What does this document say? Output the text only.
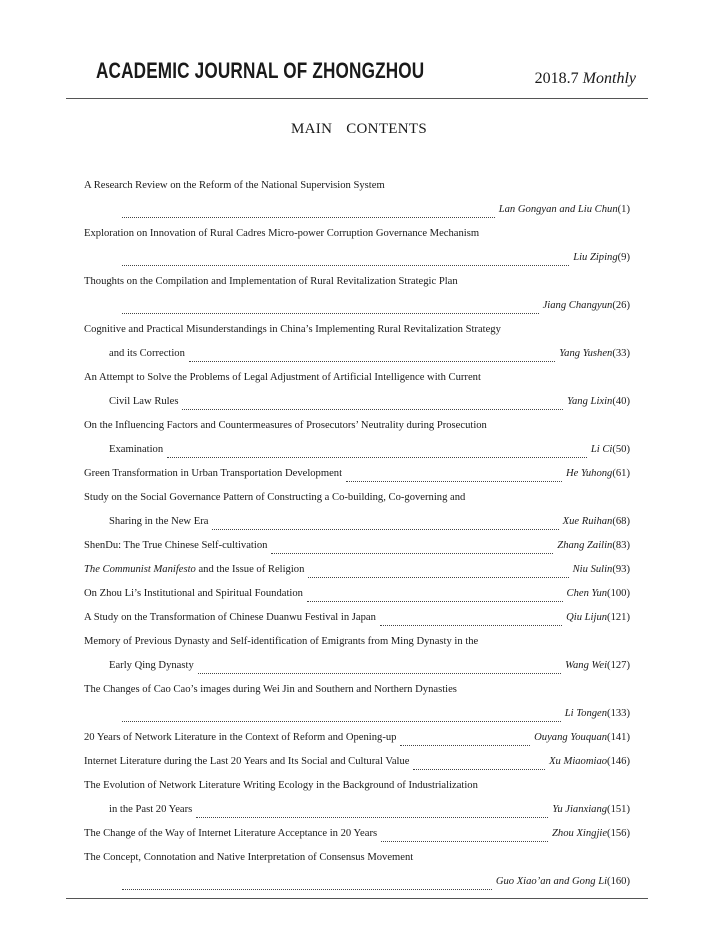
ACADEMIC JOURNAL OF ZHONGZHOU	2018.7 Monthly
MAIN CONTENTS
A Research Review on the Reform of the National Supervision System
Lan Gongyan and Liu Chun (1)
Exploration on Innovation of Rural Cadres Micro-power Corruption Governance Mechanism
Liu Ziping (9)
Thoughts on the Compilation and Implementation of Rural Revitalization Strategic Plan
Jiang Changyun (26)
Cognitive and Practical Misunderstandings in China’s Implementing Rural Revitalization Strategy
and its Correction	Yang Yushen (33)
An Attempt to Solve the Problems of Legal Adjustment of Artificial Intelligence with Current
Civil Law Rules	Yang Lixin (40)
On the Influencing Factors and Countermeasures of Prosecutors’ Neutrality during Prosecution
Examination	Li Ci (50)
Green Transformation in Urban Transportation Development	He Yuhong (61)
Study on the Social Governance Pattern of Constructing a Co-building, Co-governing and
Sharing in the New Era	Xue Ruihan (68)
ShenDu: The True Chinese Self-cultivation	Zhang Zailin (83)
The Communist Manifesto and the Issue of Religion	Niu Sulin (93)
On Zhou Li’s Institutional and Spiritual Foundation	Chen Yun (100)
A Study on the Transformation of Chinese Duanwu Festival in Japan	Qiu Lijun (121)
Memory of Previous Dynasty and Self-identification of Emigrants from Ming Dynasty in the
Early Qing Dynasty	Wang Wei (127)
The Changes of Cao Cao’s images during Wei Jin and Southern and Northern Dynasties
Li Tongen (133)
20 Years of Network Literature in the Context of Reform and Opening-up	Ouyang Youquan (141)
Internet Literature during the Last 20 Years and Its Social and Cultural Value	Xu Miaomiao (146)
The Evolution of Network Literature Writing Ecology in the Background of Industrialization
in the Past 20 Years	Yu Jianxiang (151)
The Change of the Way of Internet Literature Acceptance in 20 Years	Zhou Xingjie (156)
The Concept, Connotation and Native Interpretation of Consensus Movement
Guo Xiao’an and Gong Li (160)
